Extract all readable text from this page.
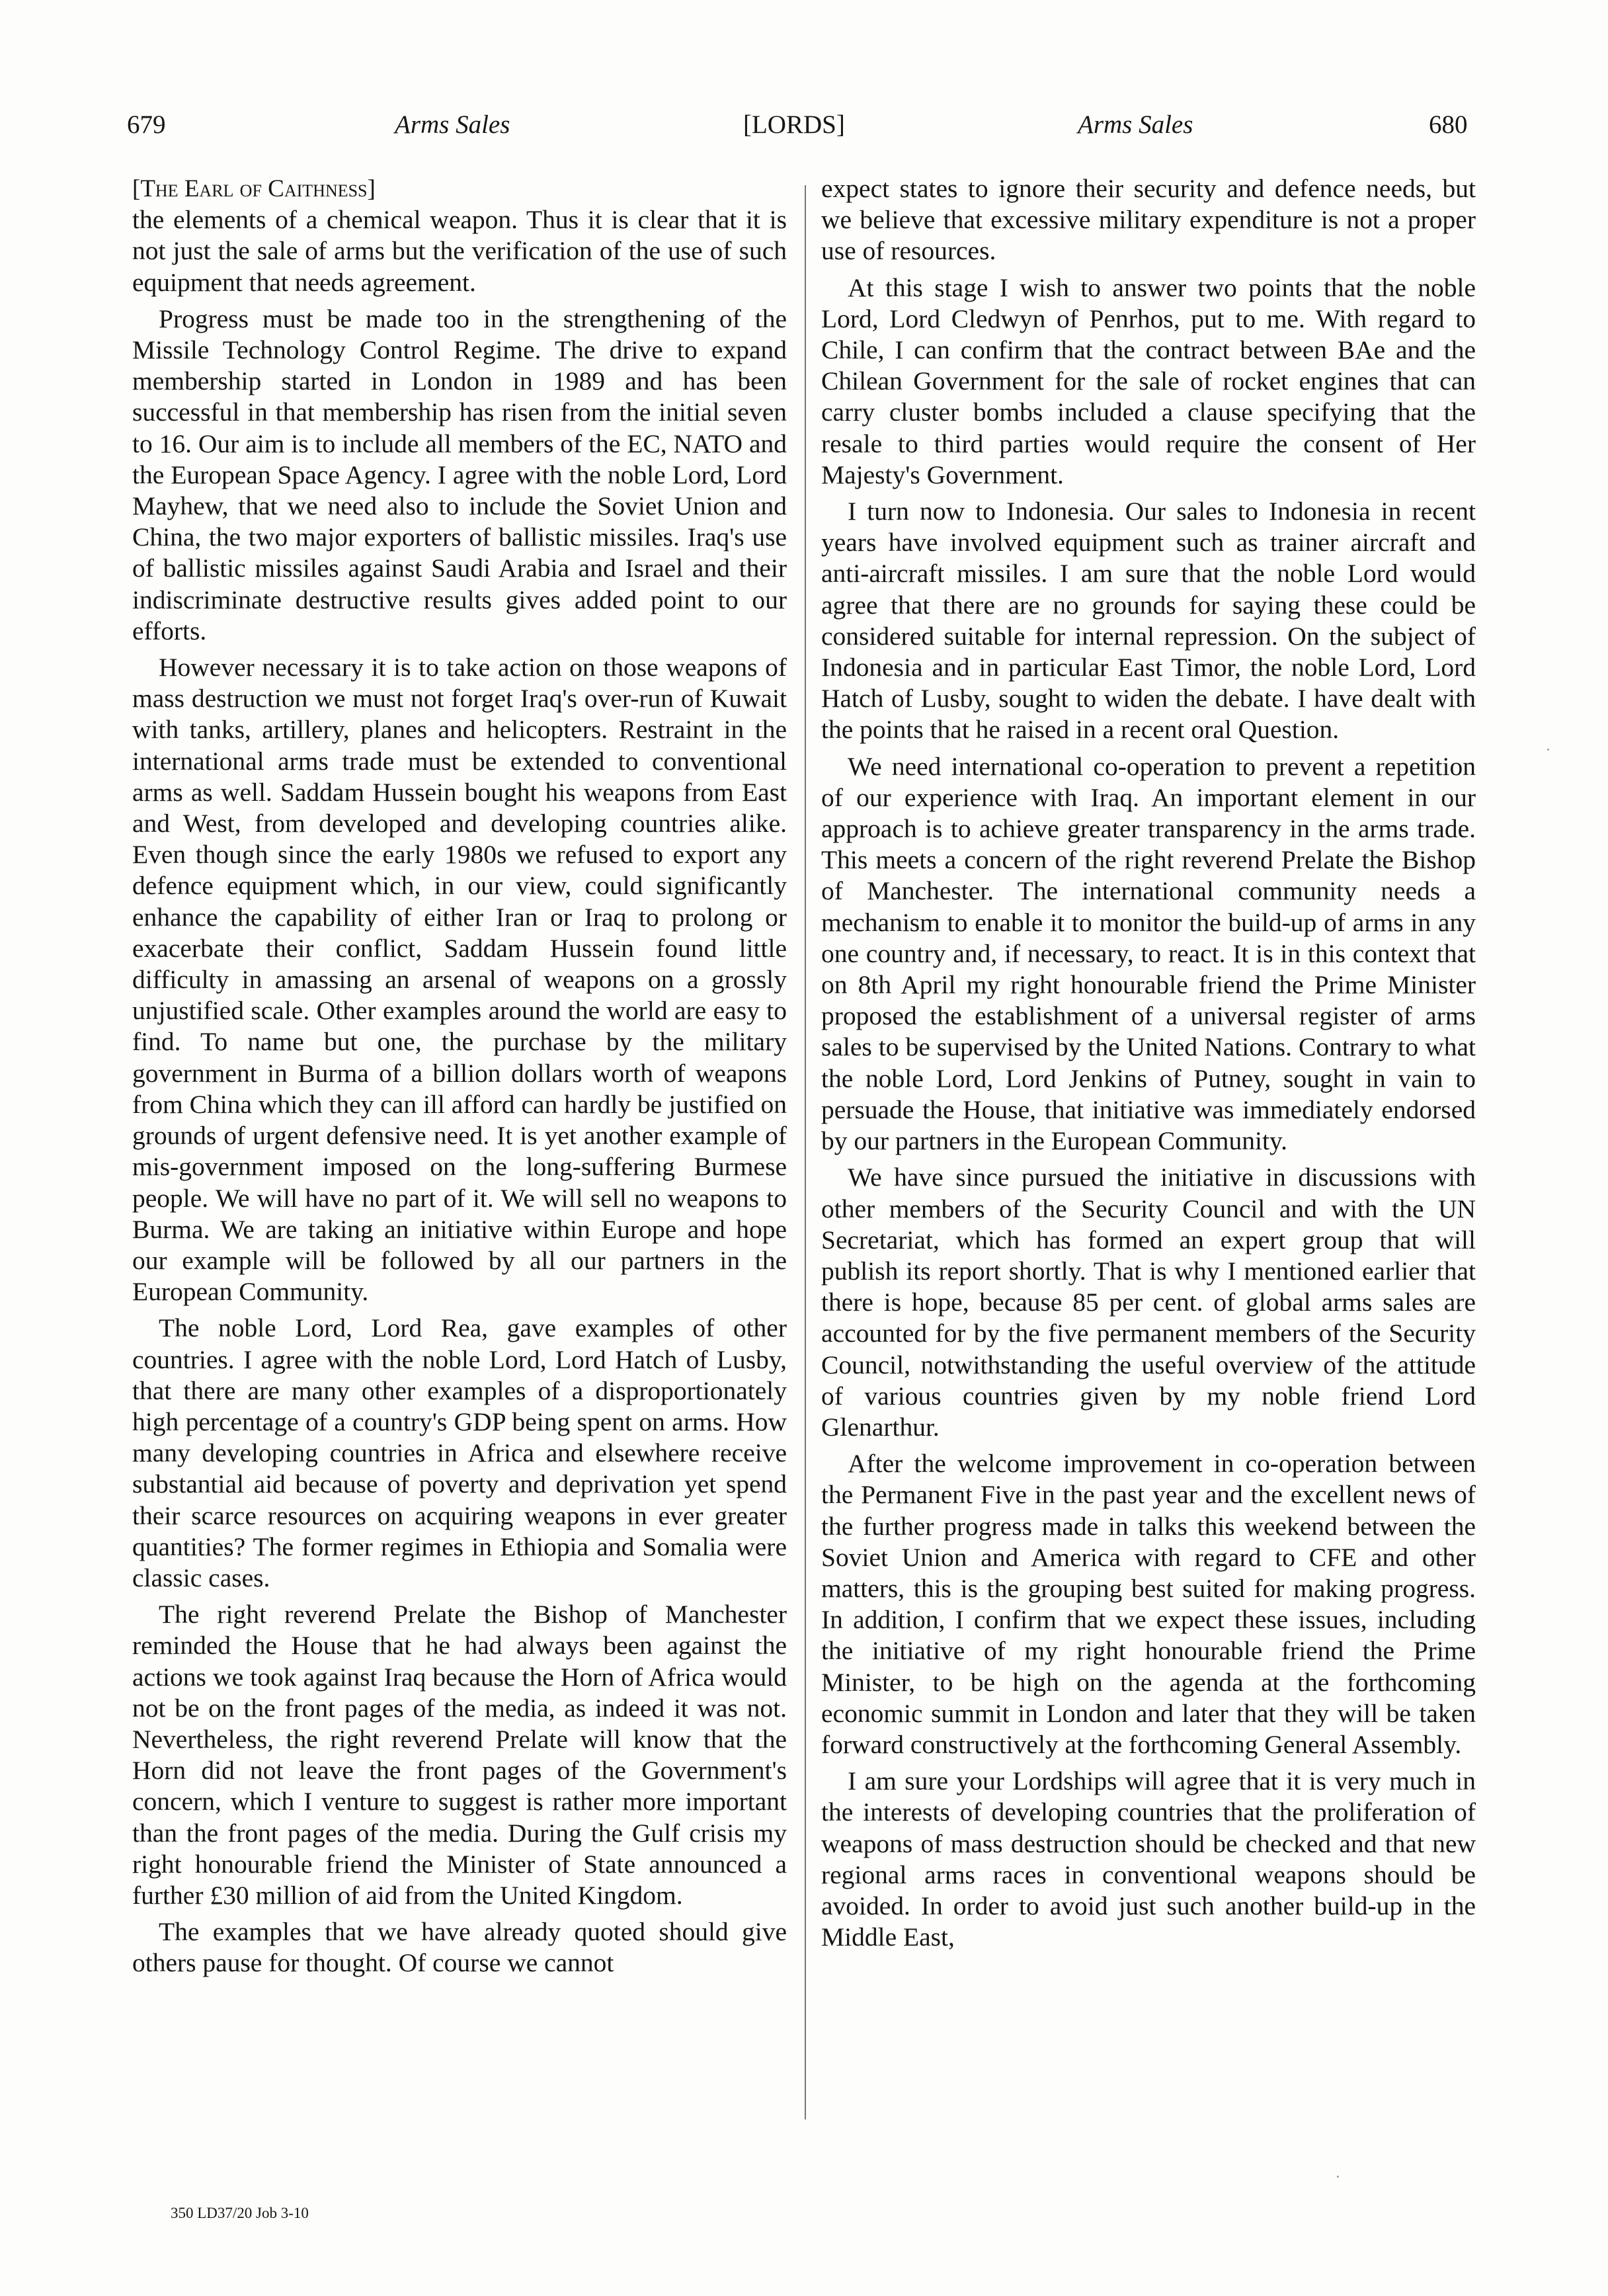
679	Arms Sales	[LORDS]	Arms Sales	680

[The Earl of Caithness]

the elements of a chemical weapon. Thus it is clear that it is not just the sale of arms but the verification of the use of such equipment that needs agreement.

Progress must be made too in the strengthening of the Missile Technology Control Regime. The drive to expand membership started in London in 1989 and has been successful in that membership has risen from the initial seven to 16. Our aim is to include all members of the EC, NATO and the European Space Agency. I agree with the noble Lord, Lord Mayhew, that we need also to include the Soviet Union and China, the two major exporters of ballistic missiles. Iraq's use of ballistic missiles against Saudi Arabia and Israel and their indiscriminate destructive results gives added point to our efforts.

However necessary it is to take action on those weapons of mass destruction we must not forget Iraq's over-run of Kuwait with tanks, artillery, planes and helicopters. Restraint in the international arms trade must be extended to conventional arms as well. Saddam Hussein bought his weapons from East and West, from developed and developing countries alike. Even though since the early 1980s we refused to export any defence equipment which, in our view, could significantly enhance the capability of either Iran or Iraq to prolong or exacerbate their conflict, Saddam Hussein found little difficulty in amassing an arsenal of weapons on a grossly unjustified scale. Other examples around the world are easy to find. To name but one, the purchase by the military government in Burma of a billion dollars worth of weapons from China which they can ill afford can hardly be justified on grounds of urgent defensive need. It is yet another example of mis-government imposed on the long-suffering Burmese people. We will have no part of it. We will sell no weapons to Burma. We are taking an initiative within Europe and hope our example will be followed by all our partners in the European Community.

The noble Lord, Lord Rea, gave examples of other countries. I agree with the noble Lord, Lord Hatch of Lusby, that there are many other examples of a disproportionately high percentage of a country's GDP being spent on arms. How many developing countries in Africa and elsewhere receive substantial aid because of poverty and deprivation yet spend their scarce resources on acquiring weapons in ever greater quantities? The former regimes in Ethiopia and Somalia were classic cases.

The right reverend Prelate the Bishop of Manchester reminded the House that he had always been against the actions we took against Iraq because the Horn of Africa would not be on the front pages of the media, as indeed it was not. Nevertheless, the right reverend Prelate will know that the Horn did not leave the front pages of the Government's concern, which I venture to suggest is rather more important than the front pages of the media. During the Gulf crisis my right honourable friend the Minister of State announced a further £30 million of aid from the United Kingdom.

The examples that we have already quoted should give others pause for thought. Of course we cannot

expect states to ignore their security and defence needs, but we believe that excessive military expenditure is not a proper use of resources.

At this stage I wish to answer two points that the noble Lord, Lord Cledwyn of Penrhos, put to me. With regard to Chile, I can confirm that the contract between BAe and the Chilean Government for the sale of rocket engines that can carry cluster bombs included a clause specifying that the resale to third parties would require the consent of Her Majesty's Government.

I turn now to Indonesia. Our sales to Indonesia in recent years have involved equipment such as trainer aircraft and anti-aircraft missiles. I am sure that the noble Lord would agree that there are no grounds for saying these could be considered suitable for internal repression. On the subject of Indonesia and in particular East Timor, the noble Lord, Lord Hatch of Lusby, sought to widen the debate. I have dealt with the points that he raised in a recent oral Question.

We need international co-operation to prevent a repetition of our experience with Iraq. An important element in our approach is to achieve greater transparency in the arms trade. This meets a concern of the right reverend Prelate the Bishop of Manchester. The international community needs a mechanism to enable it to monitor the build-up of arms in any one country and, if necessary, to react. It is in this context that on 8th April my right honourable friend the Prime Minister proposed the establishment of a universal register of arms sales to be supervised by the United Nations. Contrary to what the noble Lord, Lord Jenkins of Putney, sought in vain to persuade the House, that initiative was immediately endorsed by our partners in the European Community.

We have since pursued the initiative in discussions with other members of the Security Council and with the UN Secretariat, which has formed an expert group that will publish its report shortly. That is why I mentioned earlier that there is hope, because 85 per cent. of global arms sales are accounted for by the five permanent members of the Security Council, notwithstanding the useful overview of the attitude of various countries given by my noble friend Lord Glenarthur.

After the welcome improvement in co-operation between the Permanent Five in the past year and the excellent news of the further progress made in talks this weekend between the Soviet Union and America with regard to CFE and other matters, this is the grouping best suited for making progress. In addition, I confirm that we expect these issues, including the initiative of my right honourable friend the Prime Minister, to be high on the agenda at the forthcoming economic summit in London and later that they will be taken forward constructively at the forthcoming General Assembly.

I am sure your Lordships will agree that it is very much in the interests of developing countries that the proliferation of weapons of mass destruction should be checked and that new regional arms races in conventional weapons should be avoided. In order to avoid just such another build-up in the Middle East,

350 LD37/20 Job 3-10
